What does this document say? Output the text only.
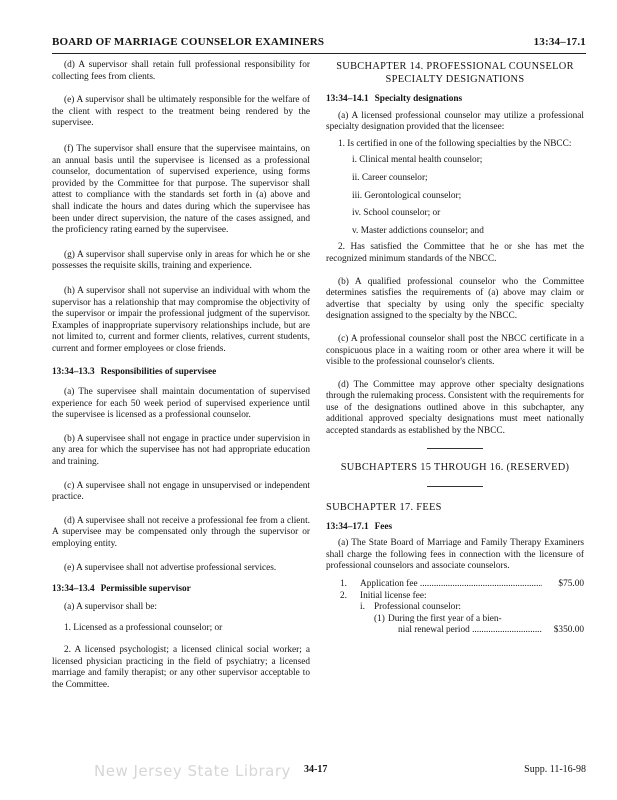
BOARD OF MARRIAGE COUNSELOR EXAMINERS	13:34–17.1

(d) A supervisor shall retain full professional responsibility for collecting fees from clients.

(e) A supervisor shall be ultimately responsible for the welfare of the client with respect to the treatment being rendered by the supervisee.

(f) The supervisor shall ensure that the supervisee maintains, on an annual basis until the supervisee is licensed as a professional counselor, documentation of supervised experience, using forms provided by the Committee for that purpose. The supervisor shall attest to compliance with the standards set forth in (a) above and shall indicate the hours and dates during which the supervisee has been under direct supervision, the nature of the cases assigned, and the proficiency rating earned by the supervisee.

(g) A supervisor shall supervise only in areas for which he or she possesses the requisite skills, training and experience.

(h) A supervisor shall not supervise an individual with whom the supervisor has a relationship that may compromise the objectivity of the supervisor or impair the professional judgment of the supervisor. Examples of inappropriate supervisory relationships include, but are not limited to, current and former clients, relatives, current students, current and former employees or close friends.

13:34–13.3 Responsibilities of supervisee

(a) The supervisee shall maintain documentation of supervised experience for each 50 week period of supervised experience until the supervisee is licensed as a professional counselor.

(b) A supervisee shall not engage in practice under supervision in any area for which the supervisee has not had appropriate education and training.

(c) A supervisee shall not engage in unsupervised or independent practice.

(d) A supervisee shall not receive a professional fee from a client. A supervisee may be compensated only through the supervisor or employing entity.

(e) A supervisee shall not advertise professional services.

13:34–13.4 Permissible supervisor

(a) A supervisor shall be:

1. Licensed as a professional counselor; or

2. A licensed psychologist; a licensed clinical social worker; a licensed physician practicing in the field of psychiatry; a licensed marriage and family therapist; or any other supervisor acceptable to the Committee.

SUBCHAPTER 14. PROFESSIONAL COUNSELOR

SPECIALTY DESIGNATIONS

13:34–14.1 Specialty designations

(a) A licensed professional counselor may utilize a professional specialty designation provided that the licensee:

1. Is certified in one of the following specialties by the NBCC:

i. Clinical mental health counselor;

ii. Career counselor;

iii. Gerontological counselor;

iv. School counselor; or

v. Master addictions counselor; and

2. Has satisfied the Committee that he or she has met the recognized minimum standards of the NBCC.

(b) A qualified professional counselor who the Committee determines satisfies the requirements of (a) above may claim or advertise that specialty by using only the specific specialty designation assigned to the specialty by the NBCC.

(c) A professional counselor shall post the NBCC certificate in a conspicuous place in a waiting room or other area where it will be visible to the professional counselor's clients.

(d) The Committee may approve other specialty designations through the rulemaking process. Consistent with the requirements for use of the designations outlined above in this subchapter, any additional approved specialty designations must meet nationally accepted standards as established by the NBCC.

SUBCHAPTERS 15 THROUGH 16. (RESERVED)

SUBCHAPTER 17. FEES

13:34–17.1 Fees

(a) The State Board of Marriage and Family Therapy Examiners shall charge the following fees in connection with the licensure of professional counselors and associate counselors.

1. Application fee .....	$75.00
2. Initial license fee:
i. Professional counselor:
(1) During the first year of a bien-
nial renewal period .....	$350.00
New Jersey State Library 34-17	Supp. 11-16-98
